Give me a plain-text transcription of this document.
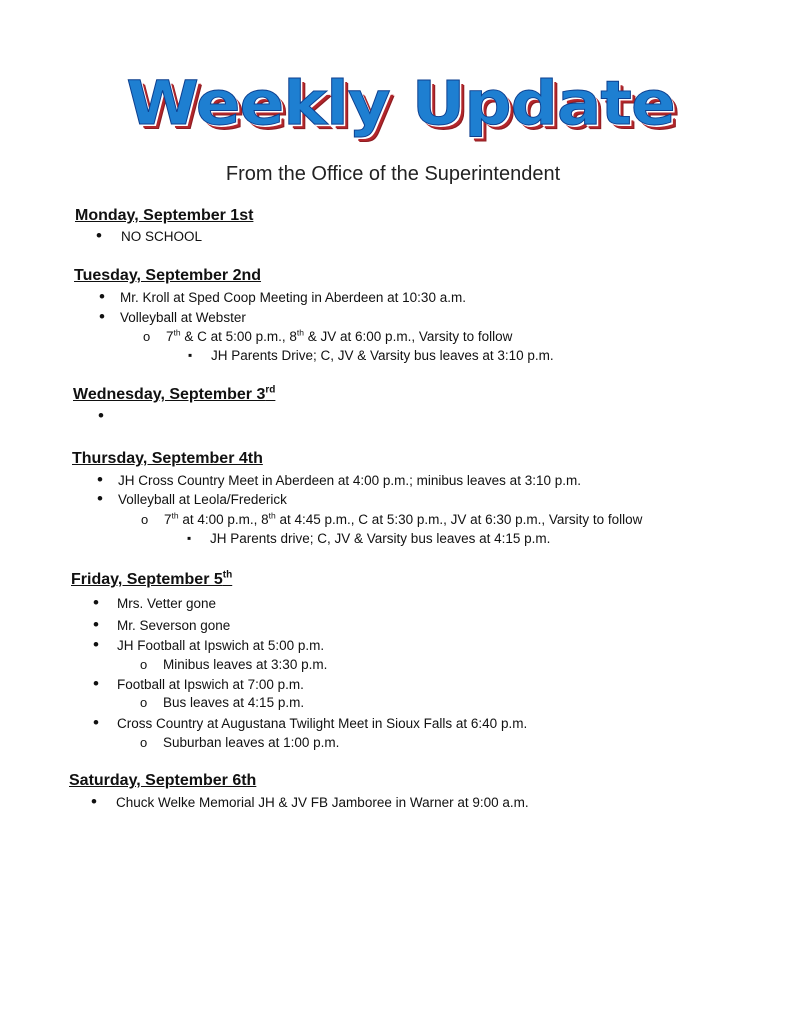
Weekly Update
From the Office of the Superintendent
Monday, September 1st
•
NO SCHOOL
Tuesday, September 2nd
•
Mr. Kroll at Sped Coop Meeting in Aberdeen at 10:30 a.m.
•
Volleyball at Webster
o
7th & C at 5:00 p.m., 8th & JV at 6:00 p.m., Varsity to follow
▪
JH Parents Drive; C, JV & Varsity bus leaves at 3:10 p.m.
Wednesday, September 3rd
•
Thursday, September 4th
•
JH Cross Country Meet in Aberdeen at 4:00 p.m.; minibus leaves at 3:10 p.m.
•
Volleyball at Leola/Frederick
o
7th at 4:00 p.m., 8th at 4:45 p.m., C at 5:30 p.m., JV at 6:30 p.m., Varsity to follow
▪
JH Parents drive; C, JV & Varsity bus leaves at 4:15 p.m.
Friday, September 5th
•
Mrs. Vetter gone
•
Mr. Severson gone
•
JH Football at Ipswich at 5:00 p.m.
o
Minibus leaves at 3:30 p.m.
•
Football at Ipswich at 7:00 p.m.
o
Bus leaves at 4:15 p.m.
•
Cross Country at Augustana Twilight Meet in Sioux Falls at 6:40 p.m.
o
Suburban leaves at 1:00 p.m.
Saturday, September 6th
•
Chuck Welke Memorial JH & JV FB Jamboree in Warner at 9:00 a.m.
